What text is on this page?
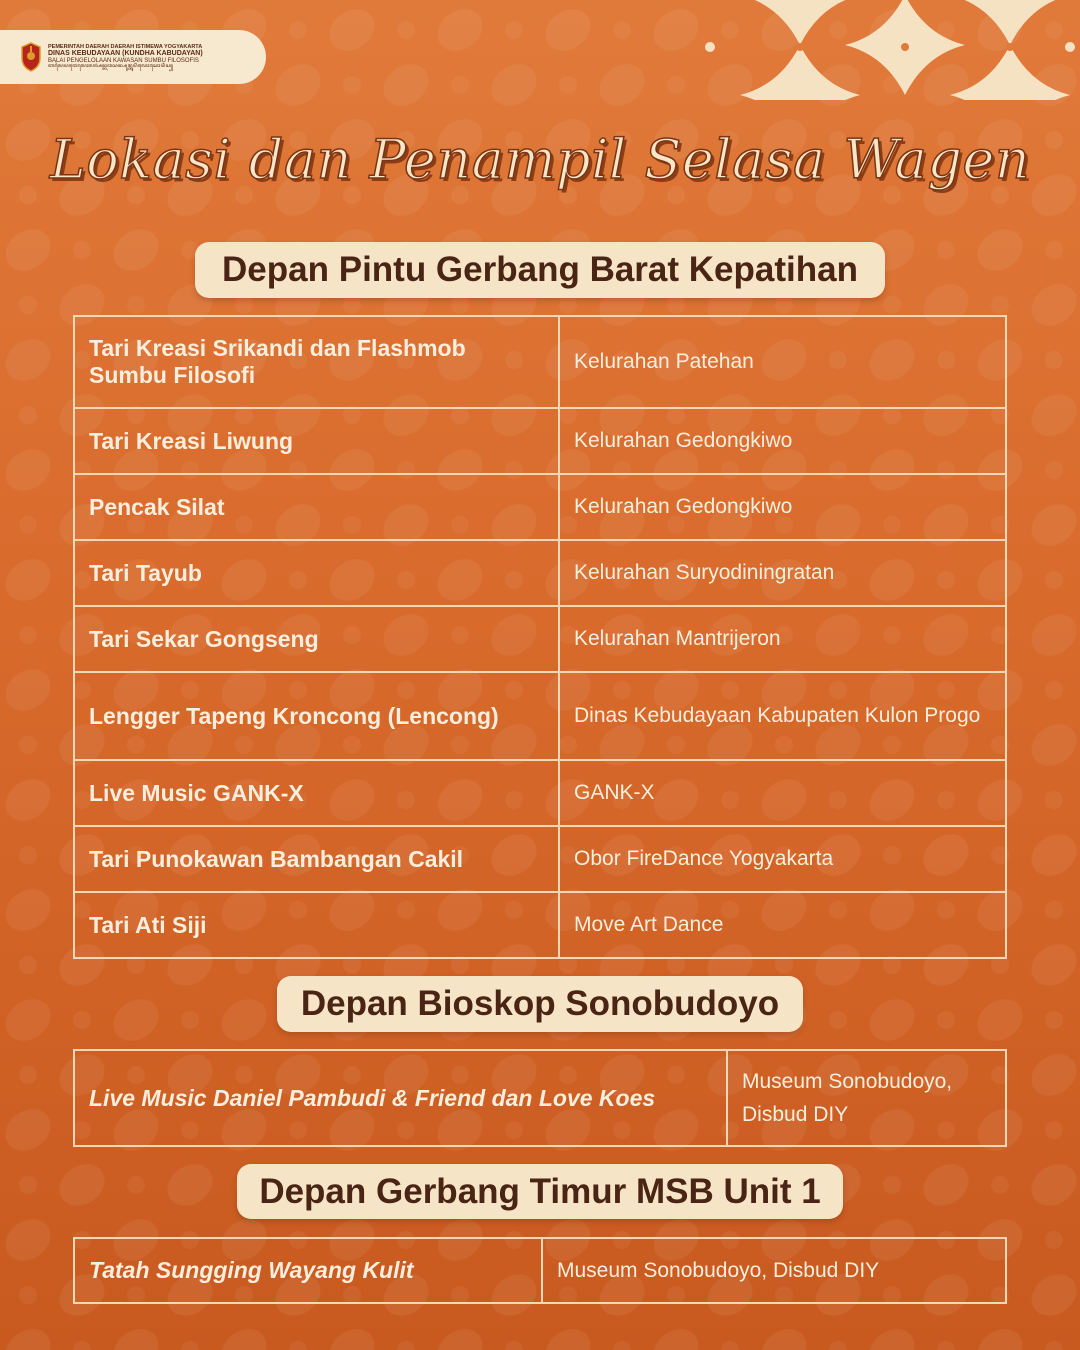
PEMERINTAH DAERAH DAERAH ISTIMEWA YOGYAKARTA
DINAS KEBUDAYAAN (KUNDHA KABUDAYAN)
BALAI PENGELOLAAN KAWASAN SUMBU FILOSOFIS
ꦧꦭꦻꦥꦔꦺꦭꦺꦴꦭꦄꦤ꧀ꦏꦮꦱꦤ꧀ꦱꦸꦩ꧀ꦧꦸꦥ꦳ꦶꦭꦺꦴꦱꦺꦴꦥ꦳ꦶꦱ꧀
Lokasi dan Penampil Selasa Wagen
Depan Pintu Gerbang Barat Kepatihan
Tari Kreasi Srikandi dan Flashmob Sumbu Filosofi	Kelurahan Patehan
Tari Kreasi Liwung	Kelurahan Gedongkiwo
Pencak Silat	Kelurahan Gedongkiwo
Tari Tayub	Kelurahan Suryodiningratan
Tari Sekar Gongseng	Kelurahan Mantrijeron
Lengger Tapeng Kroncong (Lencong)	Dinas Kebudayaan Kabupaten Kulon Progo
Live Music GANK-X	GANK-X
Tari Punokawan Bambangan Cakil	Obor FireDance Yogyakarta
Tari Ati Siji	Move Art Dance
Depan Bioskop Sonobudoyo
Live Music Daniel Pambudi & Friend dan Love Koes	Museum Sonobudoyo, Disbud DIY
Depan Gerbang Timur MSB Unit 1
Tatah Sungging Wayang Kulit	Museum Sonobudoyo, Disbud DIY
